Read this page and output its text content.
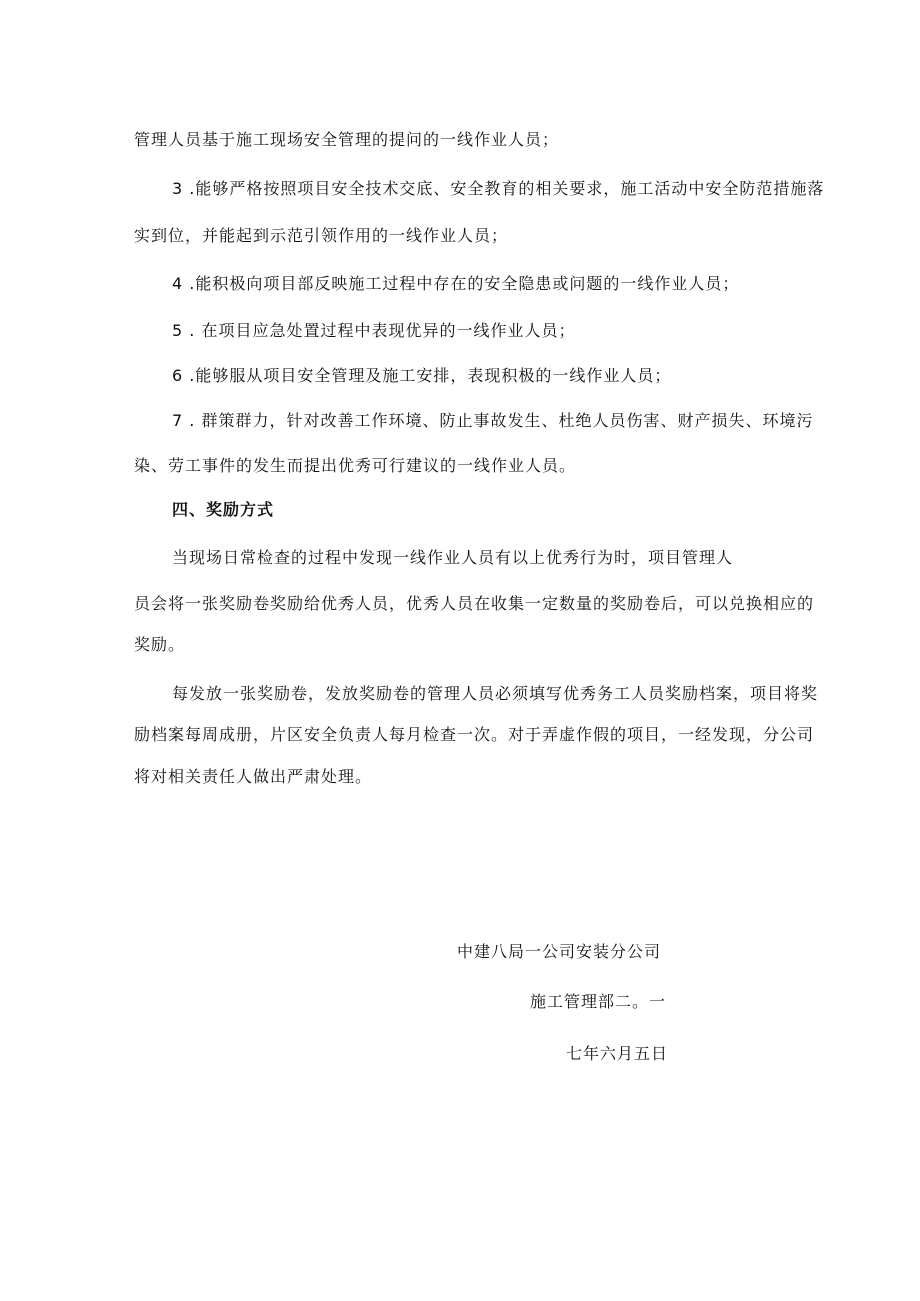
管理人员基于施工现场安全管理的提问的一线作业人员；
3 .能够严格按照项目安全技术交底、安全教育的相关要求，施工活动中安全防范措施落
实到位，并能起到示范引领作用的一线作业人员；
4 .能积极向项目部反映施工过程中存在的安全隐患或问题的一线作业人员；
5 . 在项目应急处置过程中表现优异的一线作业人员；
6 .能够服从项目安全管理及施工安排，表现积极的一线作业人员；
7 . 群策群力，针对改善工作环境、防止事故发生、杜绝人员伤害、财产损失、环境污
染、劳工事件的发生而提出优秀可行建议的一线作业人员。
四、奖励方式
当现场日常检查的过程中发现一线作业人员有以上优秀行为时，项目管理人
员会将一张奖励卷奖励给优秀人员，优秀人员在收集一定数量的奖励卷后，可以兑换相应的
奖励。
每发放一张奖励卷，发放奖励卷的管理人员必须填写优秀务工人员奖励档案，项目将奖
励档案每周成册，片区安全负责人每月检查一次。对于弄虚作假的项目，一经发现，分公司
将对相关责任人做出严肃处理。
中建八局一公司安装分公司
施工管理部二。一
七年六月五日
